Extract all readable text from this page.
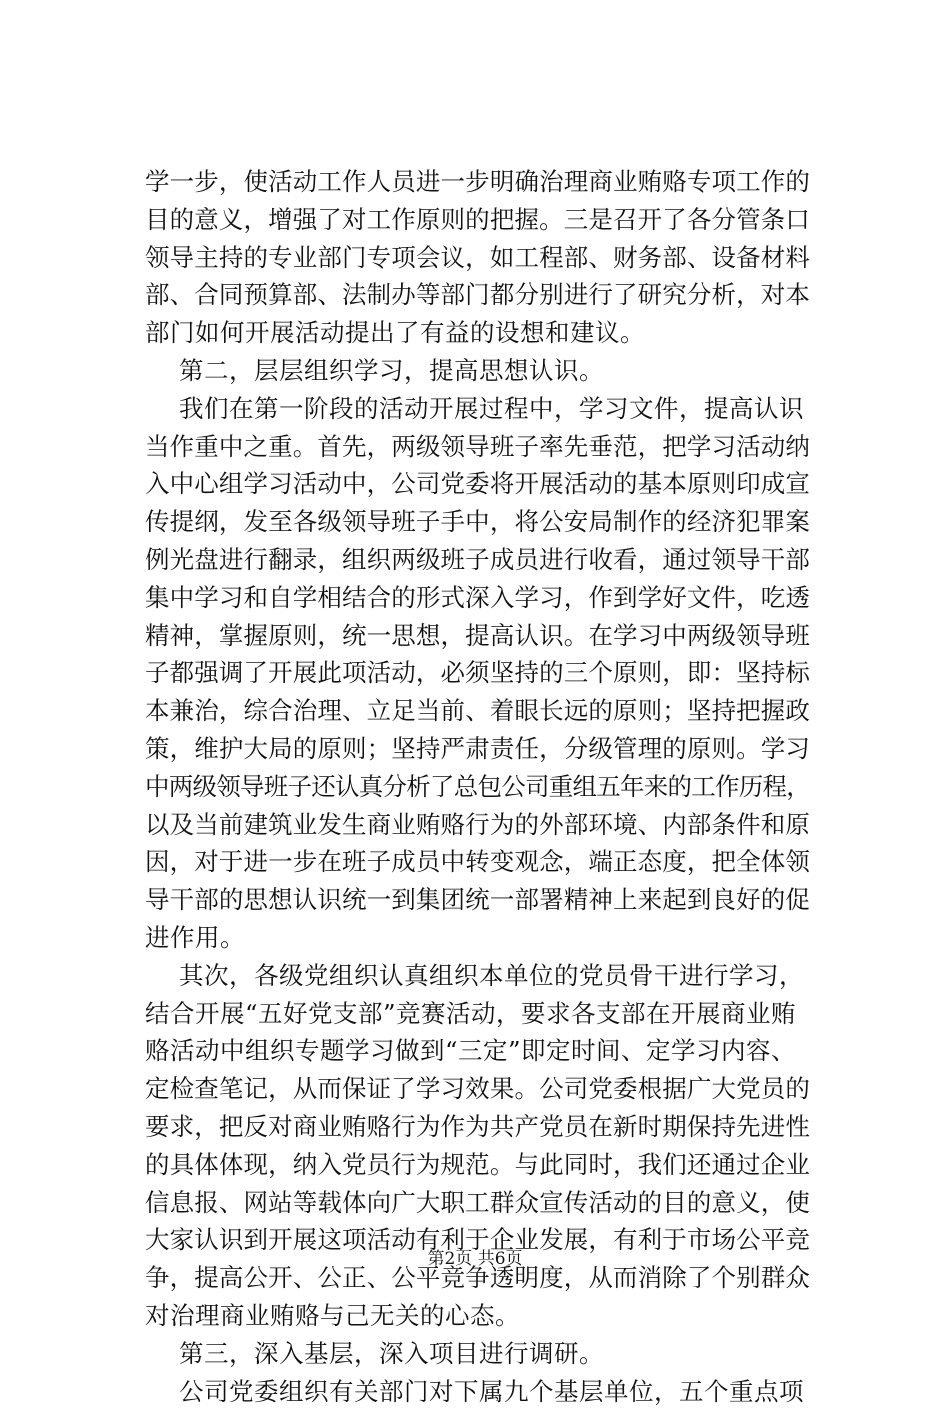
学一步，使活动工作人员进一步明确治理商业贿赂专项工作的
目的意义，增强了对工作原则的把握。三是召开了各分管条口
领导主持的专业部门专项会议，如工程部、财务部、设备材料
部、合同预算部、法制办等部门都分别进行了研究分析，对本
部门如何开展活动提出了有益的设想和建议。
第二，层层组织学习，提高思想认识。
我们在第一阶段的活动开展过程中，学习文件，提高认识
当作重中之重。首先，两级领导班子率先垂范，把学习活动纳
入中心组学习活动中，公司党委将开展活动的基本原则印成宣
传提纲，发至各级领导班子手中，将公安局制作的经济犯罪案
例光盘进行翻录，组织两级班子成员进行收看，通过领导干部
集中学习和自学相结合的形式深入学习，作到学好文件，吃透
精神，掌握原则，统一思想，提高认识。在学习中两级领导班
子都强调了开展此项活动，必须坚持的三个原则，即：坚持标
本兼治，综合治理、立足当前、着眼长远的原则；坚持把握政
策，维护大局的原则；坚持严肃责任，分级管理的原则。学习
中两级领导班子还认真分析了总包公司重组五年来的工作历程，
以及当前建筑业发生商业贿赂行为的外部环境、内部条件和原
因，对于进一步在班子成员中转变观念，端正态度，把全体领
导干部的思想认识统一到集团统一部署精神上来起到良好的促
进作用。
其次，各级党组织认真组织本单位的党员骨干进行学习，
结合开展“五好党支部”竞赛活动，要求各支部在开展商业贿
赂活动中组织专题学习做到“三定”即定时间、定学习内容、
定检查笔记，从而保证了学习效果。公司党委根据广大党员的
要求，把反对商业贿赂行为作为共产党员在新时期保持先进性
的具体体现，纳入党员行为规范。与此同时，我们还通过企业
信息报、网站等载体向广大职工群众宣传活动的目的意义，使
大家认识到开展这项活动有利于企业发展，有利于市场公平竞
争，提高公开、公正、公平竞争透明度，从而消除了个别群众
对治理商业贿赂与己无关的心态。
第三，深入基层，深入项目进行调研。
公司党委组织有关部门对下属九个基层单位，五个重点项
第2页 共6页
